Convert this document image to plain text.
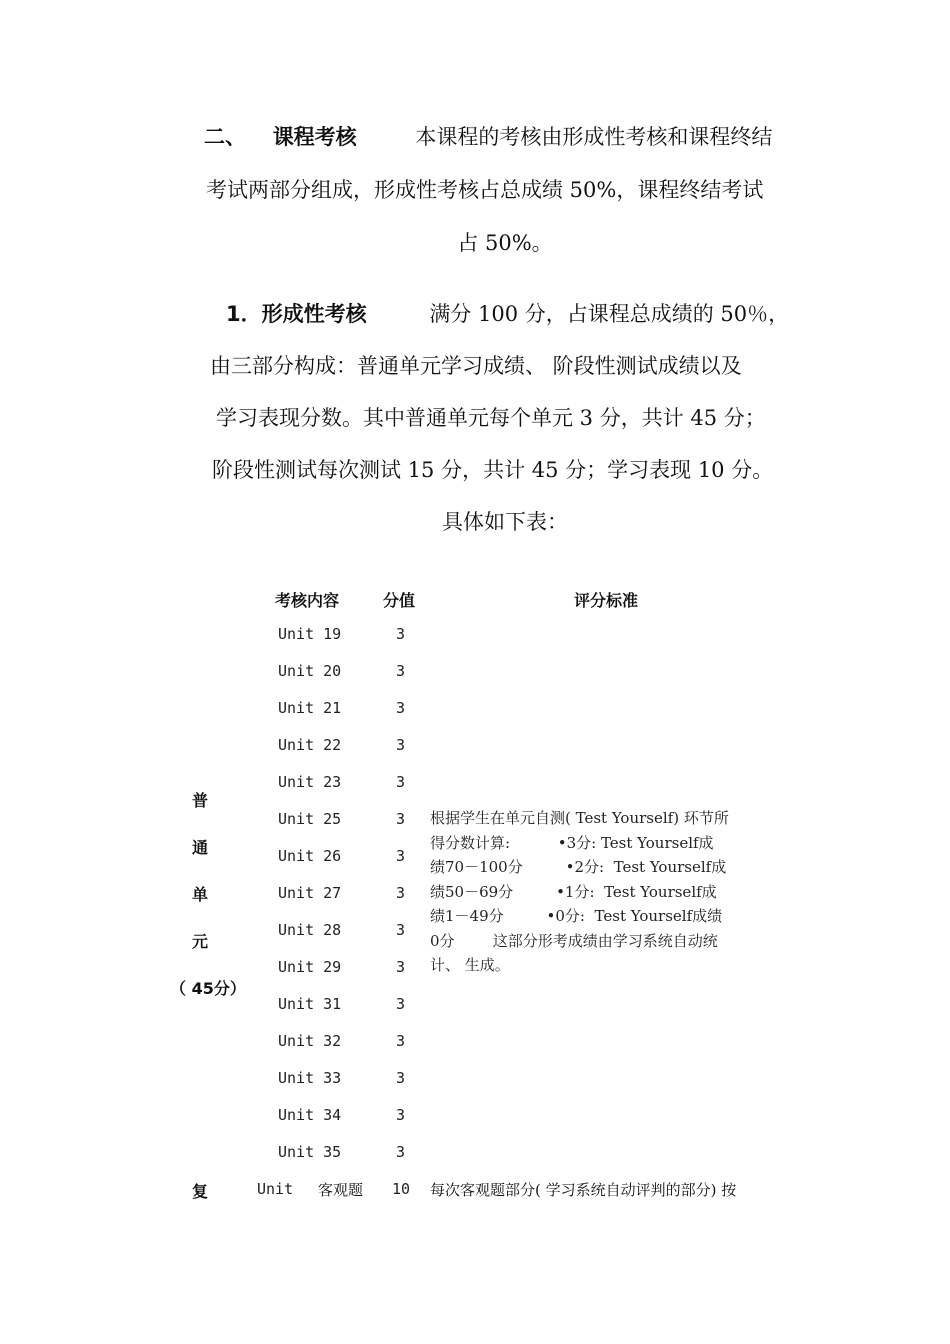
二、 课程考核	本课程的考核由形成性考核和课程终结
考试两部分组成，形成性考核占总成绩 50%，课程终结考试
占 50%。
1．形成性考核	满分 100 分，占课程总成绩的 50％，
由三部分构成：普通单元学习成绩、 阶段性测试成绩以及
学习表现分数。其中普通单元每个单元 3 分，共计 45 分；
阶段性测试每次测试 15 分，共计 45 分；学习表现 10 分。
具体如下表：
考核内容	分值	评分标准
普
通
单
元
（ 45分）
Unit 19	3
Unit 20	3
Unit 21	3
Unit 22	3
Unit 23	3
Unit 25	3
Unit 26	3
Unit 27	3
Unit 28	3
Unit 29	3
Unit 31	3
Unit 32	3
Unit 33	3
Unit 34	3
Unit 35	3
根据学生在单元自测( Test Yourself) 环节所
得分数计算:          •3分: Test Yourself成
绩70－100分         •2分:  Test Yourself成
绩50－69分         •1分:  Test Yourself成
绩1－49分         •0分:  Test Yourself成绩
0分        这部分形考成绩由学习系统自动统
计、 生成。
复	Unit 客观题 10 每次客观题部分( 学习系统自动评判的部分) 按
